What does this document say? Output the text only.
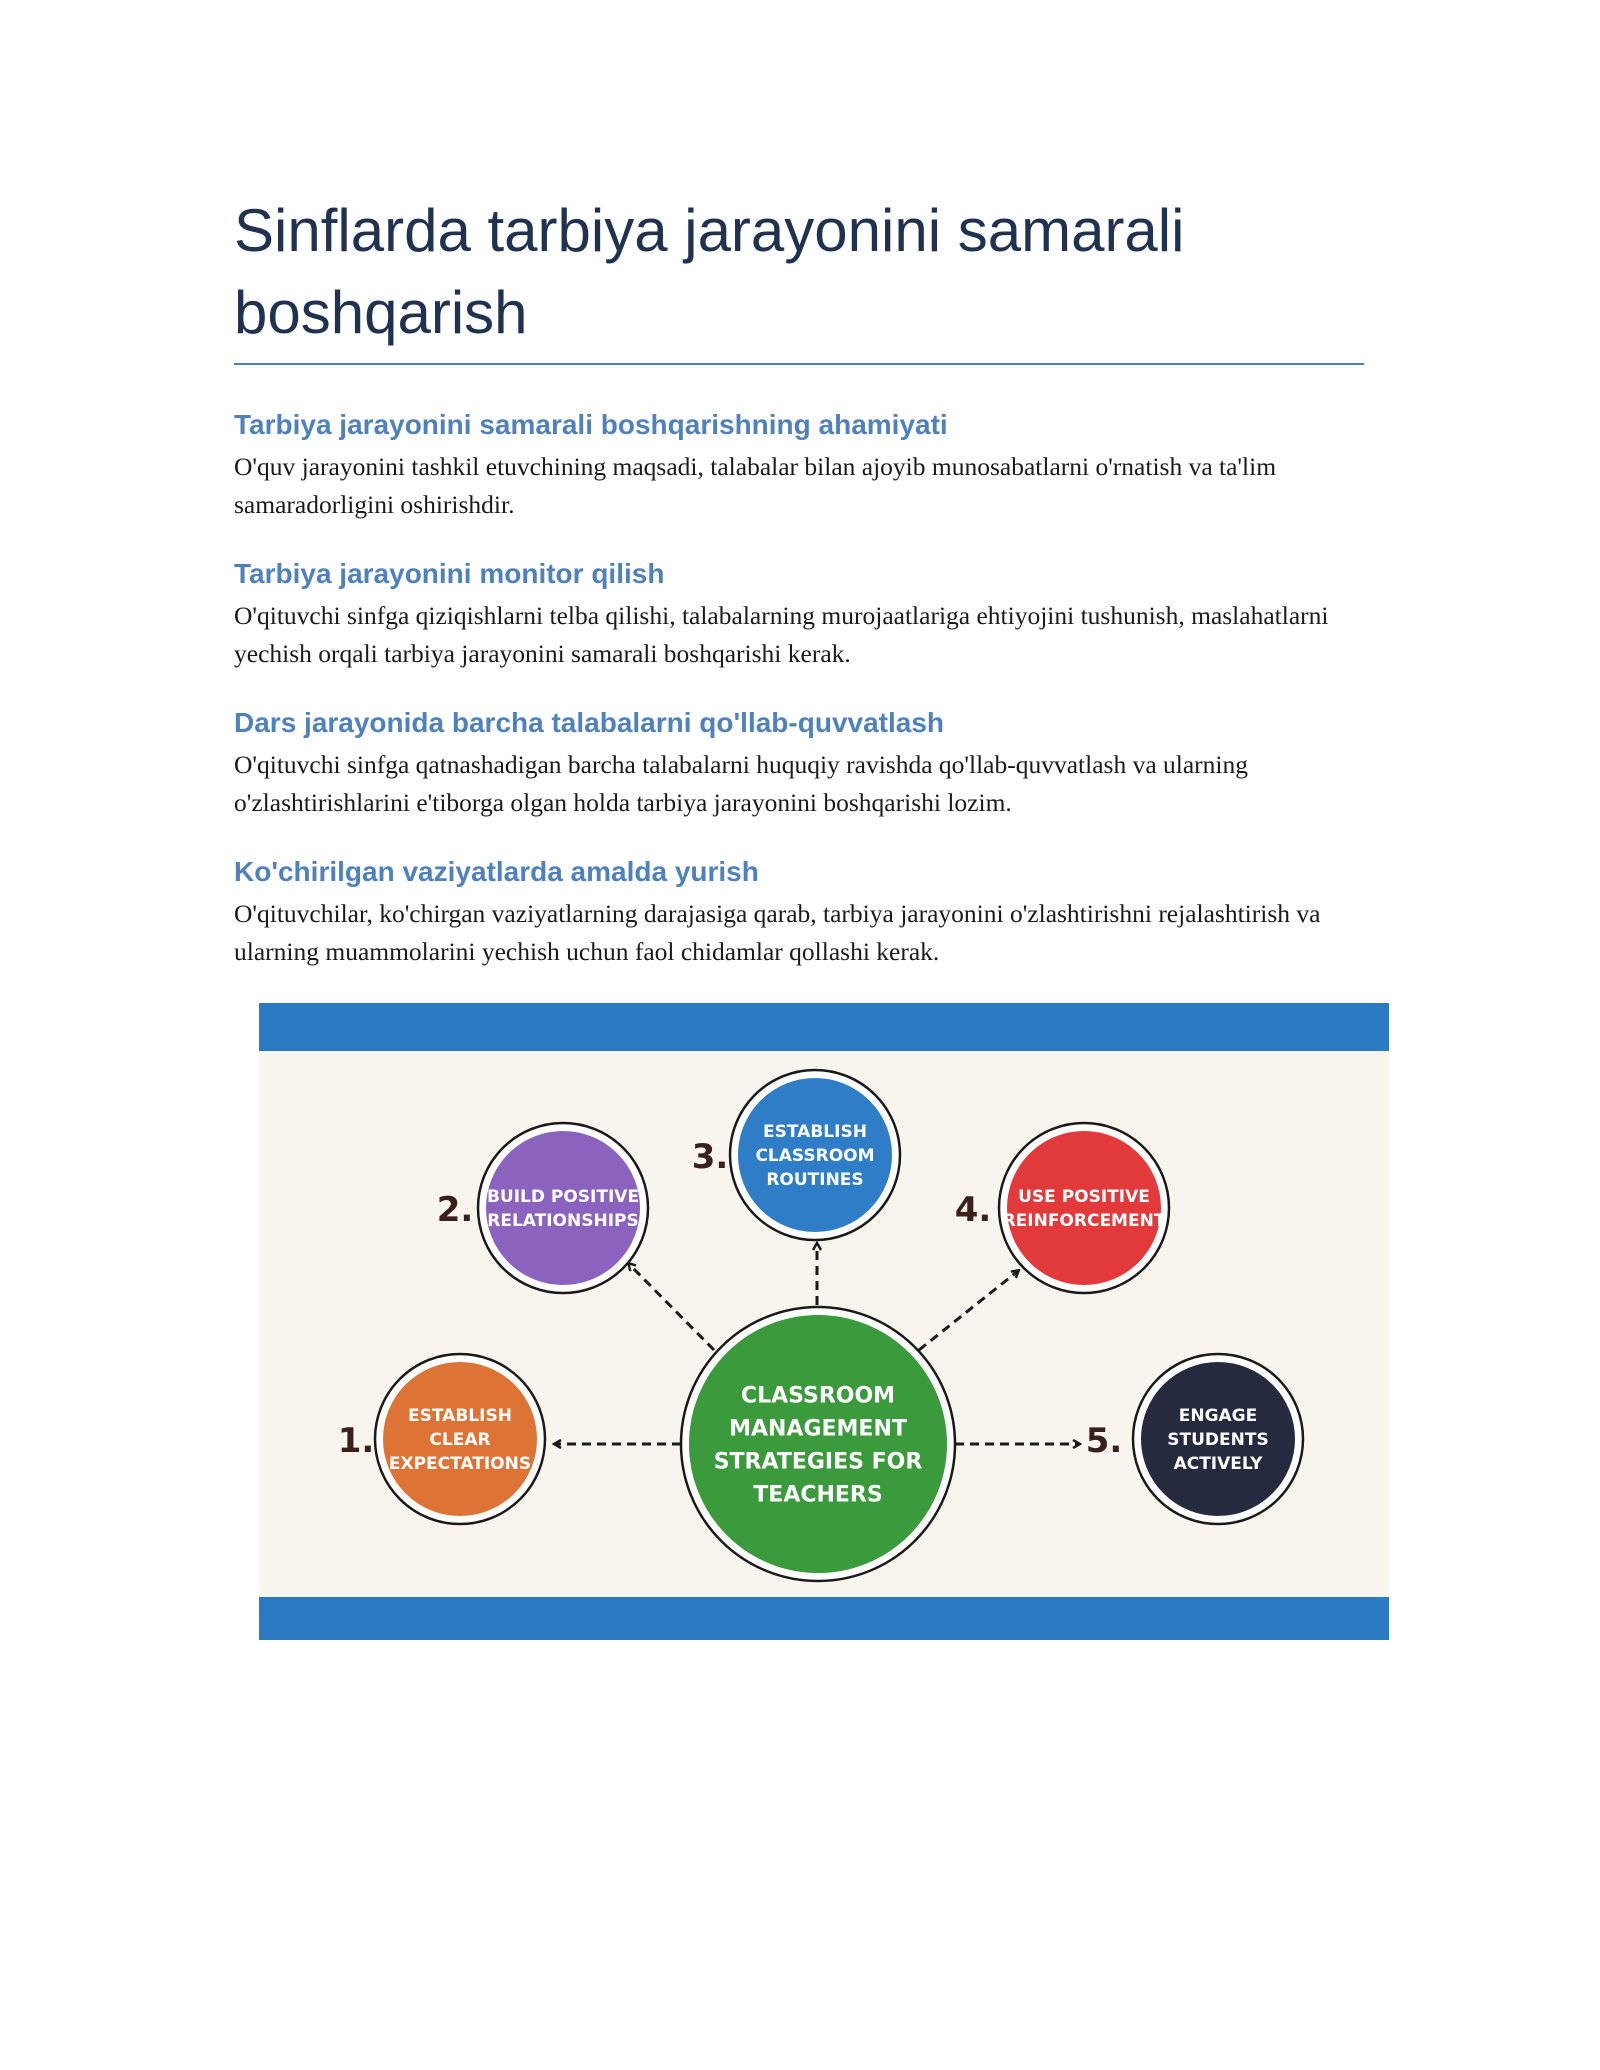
Sinflarda tarbiya jarayonini samarali boshqarish
Tarbiya jarayonini samarali boshqarishning ahamiyati

O'quv jarayonini tashkil etuvchining maqsadi, talabalar bilan ajoyib munosabatlarni o'rnatish va ta'lim samaradorligini oshirishdir.

Tarbiya jarayonini monitor qilish

O'qituvchi sinfga qiziqishlarni telba qilishi, talabalarning murojaatlariga ehtiyojini tushunish, maslahatlarni yechish orqali tarbiya jarayonini samarali boshqarishi kerak.

Dars jarayonida barcha talabalarni qo'llab-quvvatlash

O'qituvchi sinfga qatnashadigan barcha talabalarni huquqiy ravishda qo'llab-quvvatlash va ularning o'zlashtirishlarini e'tiborga olgan holda tarbiya jarayonini boshqarishi lozim.

Ko'chirilgan vaziyatlarda amalda yurish

O'qituvchilar, ko'chirgan vaziyatlarning darajasiga qarab, tarbiya jarayonini o'zlashtirishni rejalashtirish va ularning muammolarini yechish uchun faol chidamlar qollashi kerak.

CLASSROOM
MANAGEMENT
STRATEGIES FOR
TEACHERS
ESTABLISH
CLEAR
EXPECTATIONS
1.
BUILD POSITIVE
RELATIONSHIPS
2.
ESTABLISH
CLASSROOM
ROUTINES
3.
USE POSITIVE
REINFORCEMENT
4.
ENGAGE
STUDENTS
ACTIVELY
5.
